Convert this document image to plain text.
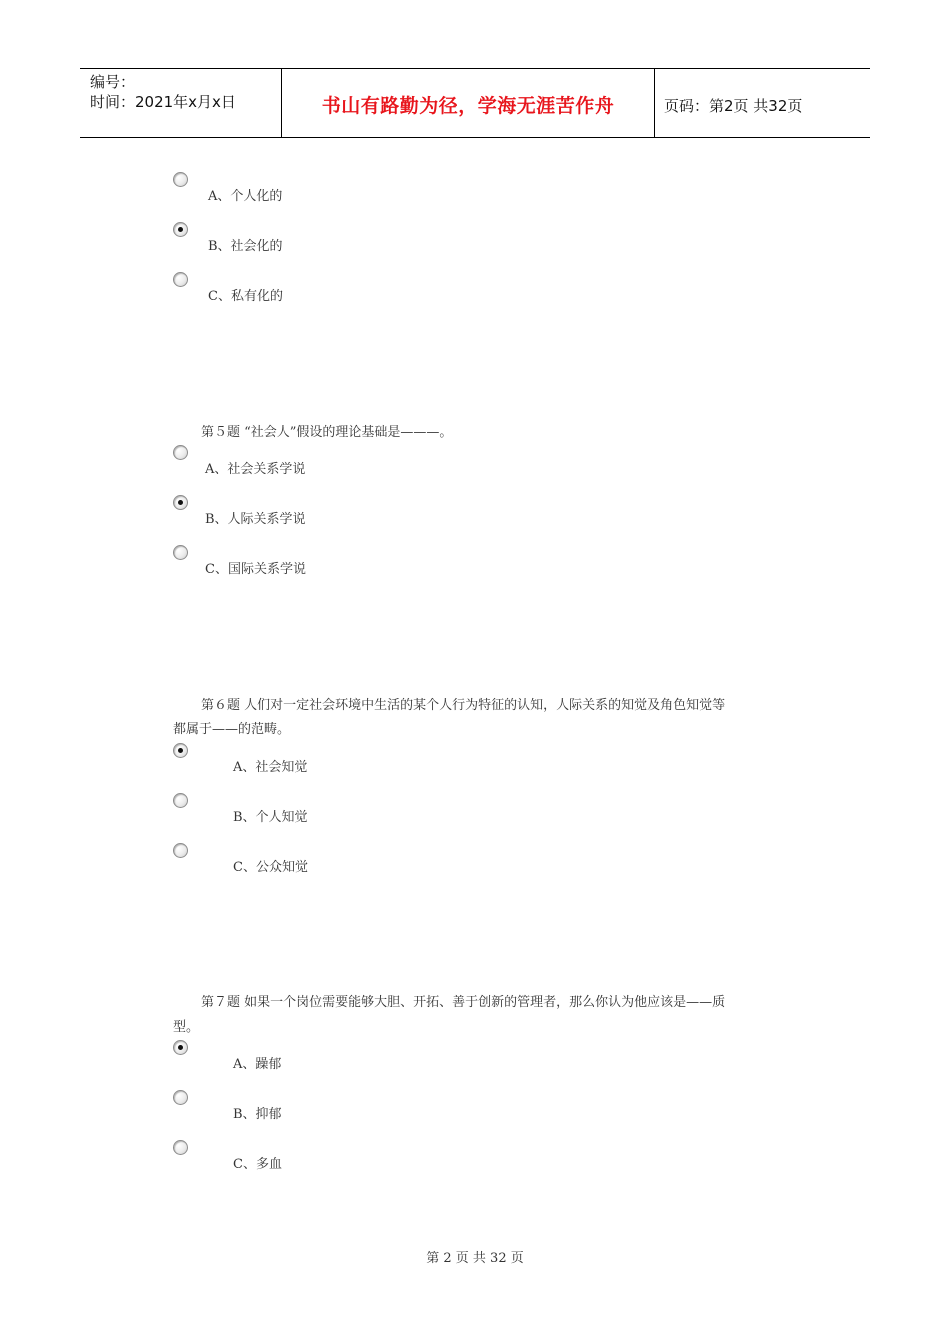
编号：
时间：2021年x月x日	书山有路勤为径，学海无涯苦作舟	页码：第2页 共32页
A、个人化的
B、社会化的
C、私有化的
第５题 “社会人”假设的理论基础是———。
A、社会关系学说
B、人际关系学说
C、国际关系学说
第６题 人们对一定社会环境中生活的某个人行为特征的认知，人际关系的知觉及角色知觉等
都属于——的范畴。
A、社会知觉
B、个人知觉
C、公众知觉
第７题 如果一个岗位需要能够大胆、开拓、善于创新的管理者，那么你认为他应该是——质
型。
A、躁郁
B、抑郁
C、多血
第 2 页 共 32 页
